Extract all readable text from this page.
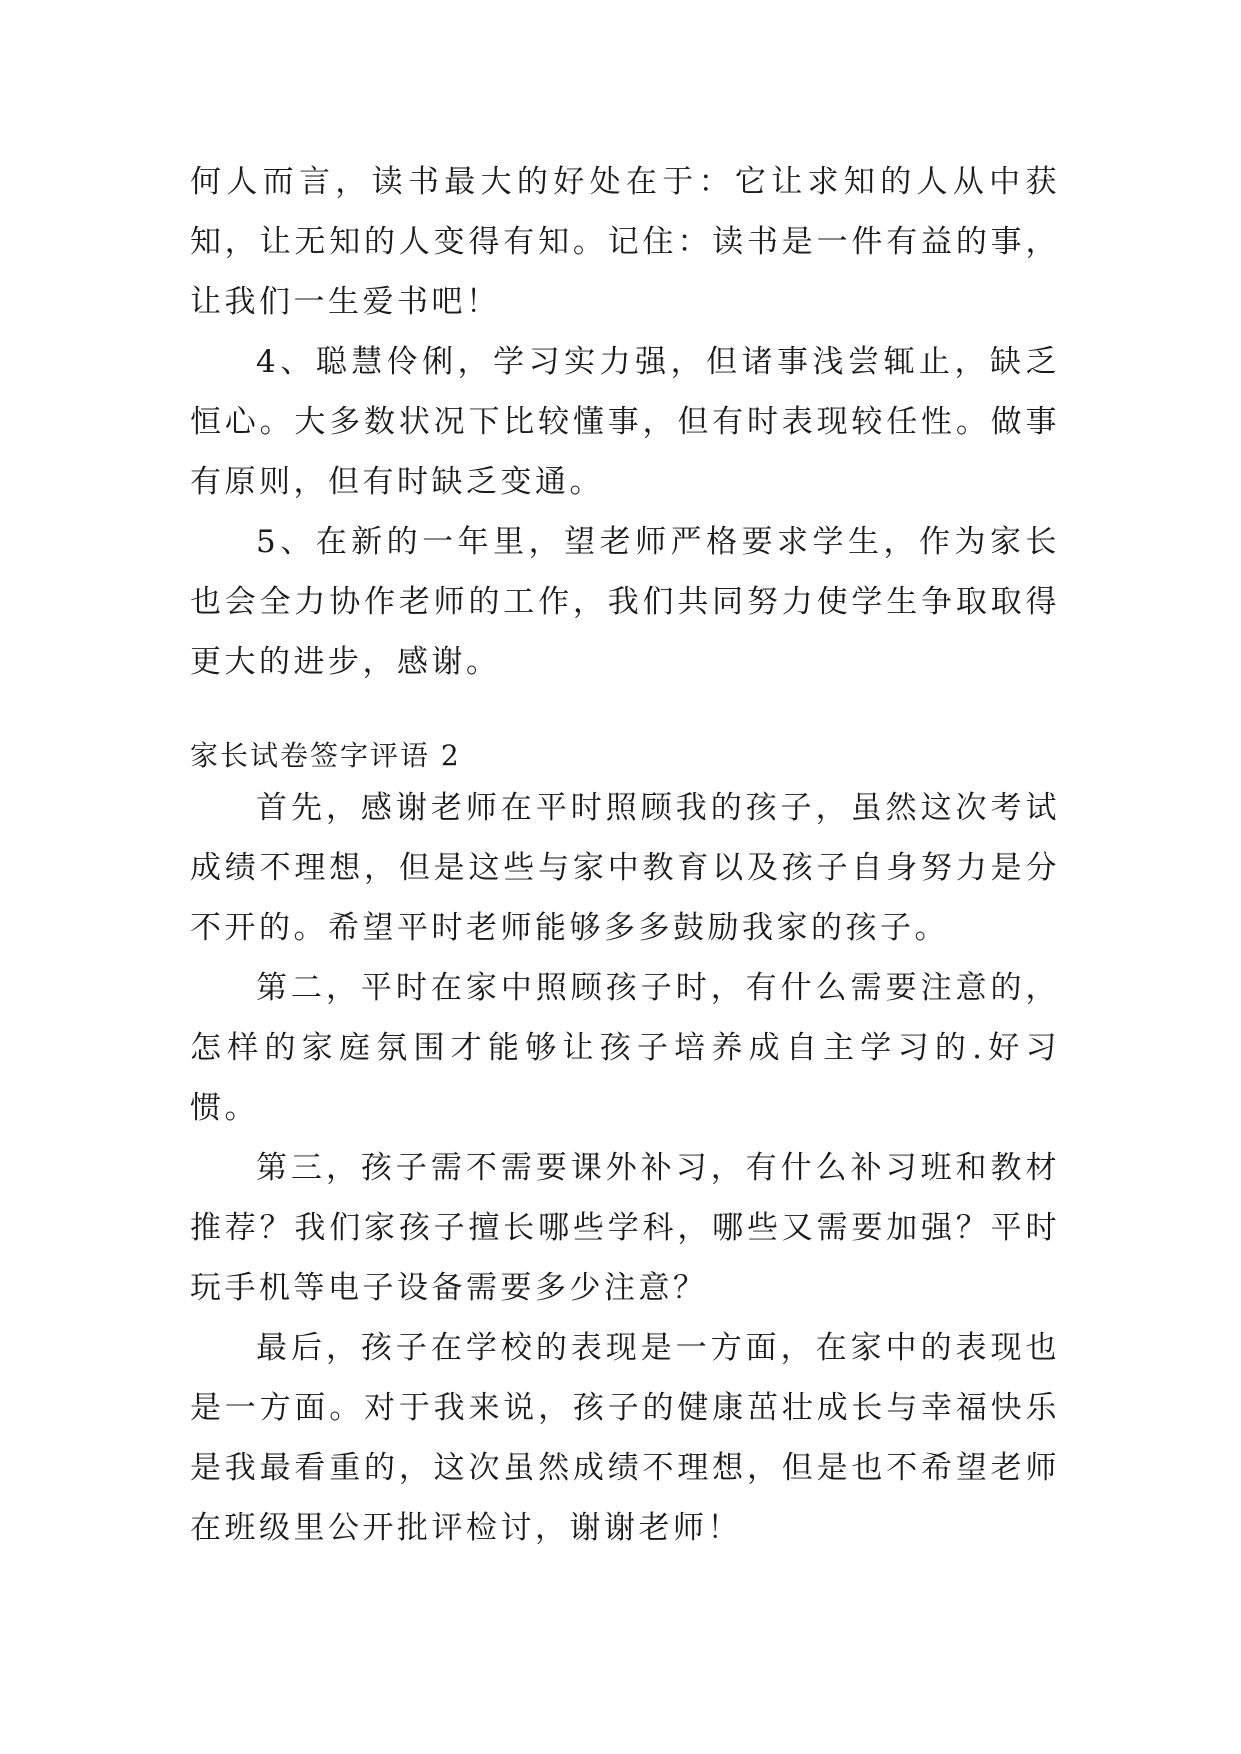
何人而言，读书最大的好处在于：它让求知的人从中获知，让无知的人变得有知。记住：读书是一件有益的事，让我们一生爱书吧！

4、聪慧伶俐，学习实力强，但诸事浅尝辄止，缺乏恒心。大多数状况下比较懂事，但有时表现较任性。做事有原则，但有时缺乏变通。

5、在新的一年里，望老师严格要求学生，作为家长也会全力协作老师的工作，我们共同努力使学生争取取得更大的进步，感谢。

家长试卷签字评语 2

首先，感谢老师在平时照顾我的孩子，虽然这次考试成绩不理想，但是这些与家中教育以及孩子自身努力是分不开的。希望平时老师能够多多鼓励我家的孩子。

第二，平时在家中照顾孩子时，有什么需要注意的，怎样的家庭氛围才能够让孩子培养成自主学习的.好习惯。

第三，孩子需不需要课外补习，有什么补习班和教材推荐？我们家孩子擅长哪些学科，哪些又需要加强？平时玩手机等电子设备需要多少注意？

最后，孩子在学校的表现是一方面，在家中的表现也是一方面。对于我来说，孩子的健康茁壮成长与幸福快乐是我最看重的，这次虽然成绩不理想，但是也不希望老师在班级里公开批评检讨，谢谢老师！
